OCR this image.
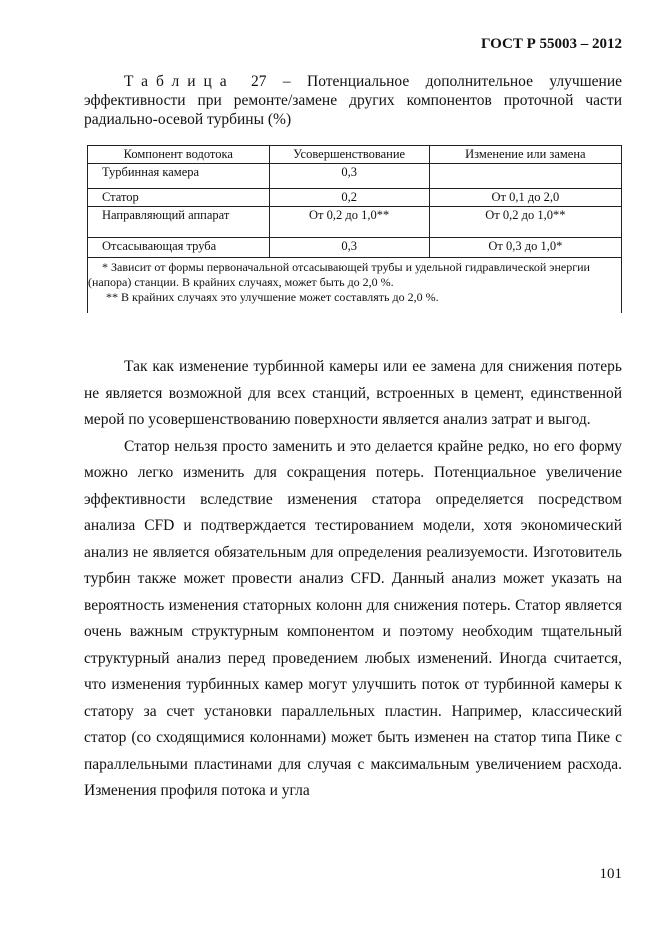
ГОСТ Р 55003 – 2012
Таблица 27 – Потенциальное дополнительное улучшение эффективности при ремонте/замене других компонентов проточной части радиально-осевой турбины (%)
Компонент водотока	Усовершенствование	Изменение или замена
Турбинная камера	0,3	
Статор	0,2	От 0,1 до 2,0
Направляющий аппарат	От 0,2 до 1,0**	От 0,2 до 1,0**
Отсасывающая труба	0,3	От 0,3 до 1,0*

* Зависит от формы первоначальной отсасывающей трубы и удельной гидравлической энергии (напора) станции. В крайних случаях, может быть до 2,0 %.
** В крайних случаях это улучшение может составлять до 2,0 %.		

Так как изменение турбинной камеры или ее замена для снижения потерь не является возможной для всех станций, встроенных в цемент, единственной мерой по усовершенствованию поверхности является анализ затрат и выгод.

Статор нельзя просто заменить и это делается крайне редко, но его форму можно легко изменить для сокращения потерь. Потенциальное увеличение эффективности вследствие изменения статора определяется посредством анализа CFD и подтверждается тестированием модели, хотя экономический анализ не является обязательным для определения реализуемости. Изготовитель турбин также может провести анализ CFD. Данный анализ может указать на вероятность изменения статорных колонн для снижения потерь. Статор является очень важным структурным компонентом и поэтому необходим тщательный структурный анализ перед проведением любых изменений. Иногда считается, что изменения турбинных камер могут улучшить поток от турбинной камеры к статору за счет установки параллельных пластин. Например, классический статор (со сходящимися колоннами) может быть изменен на статор типа Пике с параллельными пластинами для случая с максимальным увеличением расхода. Изменения профиля потока и угла

101
